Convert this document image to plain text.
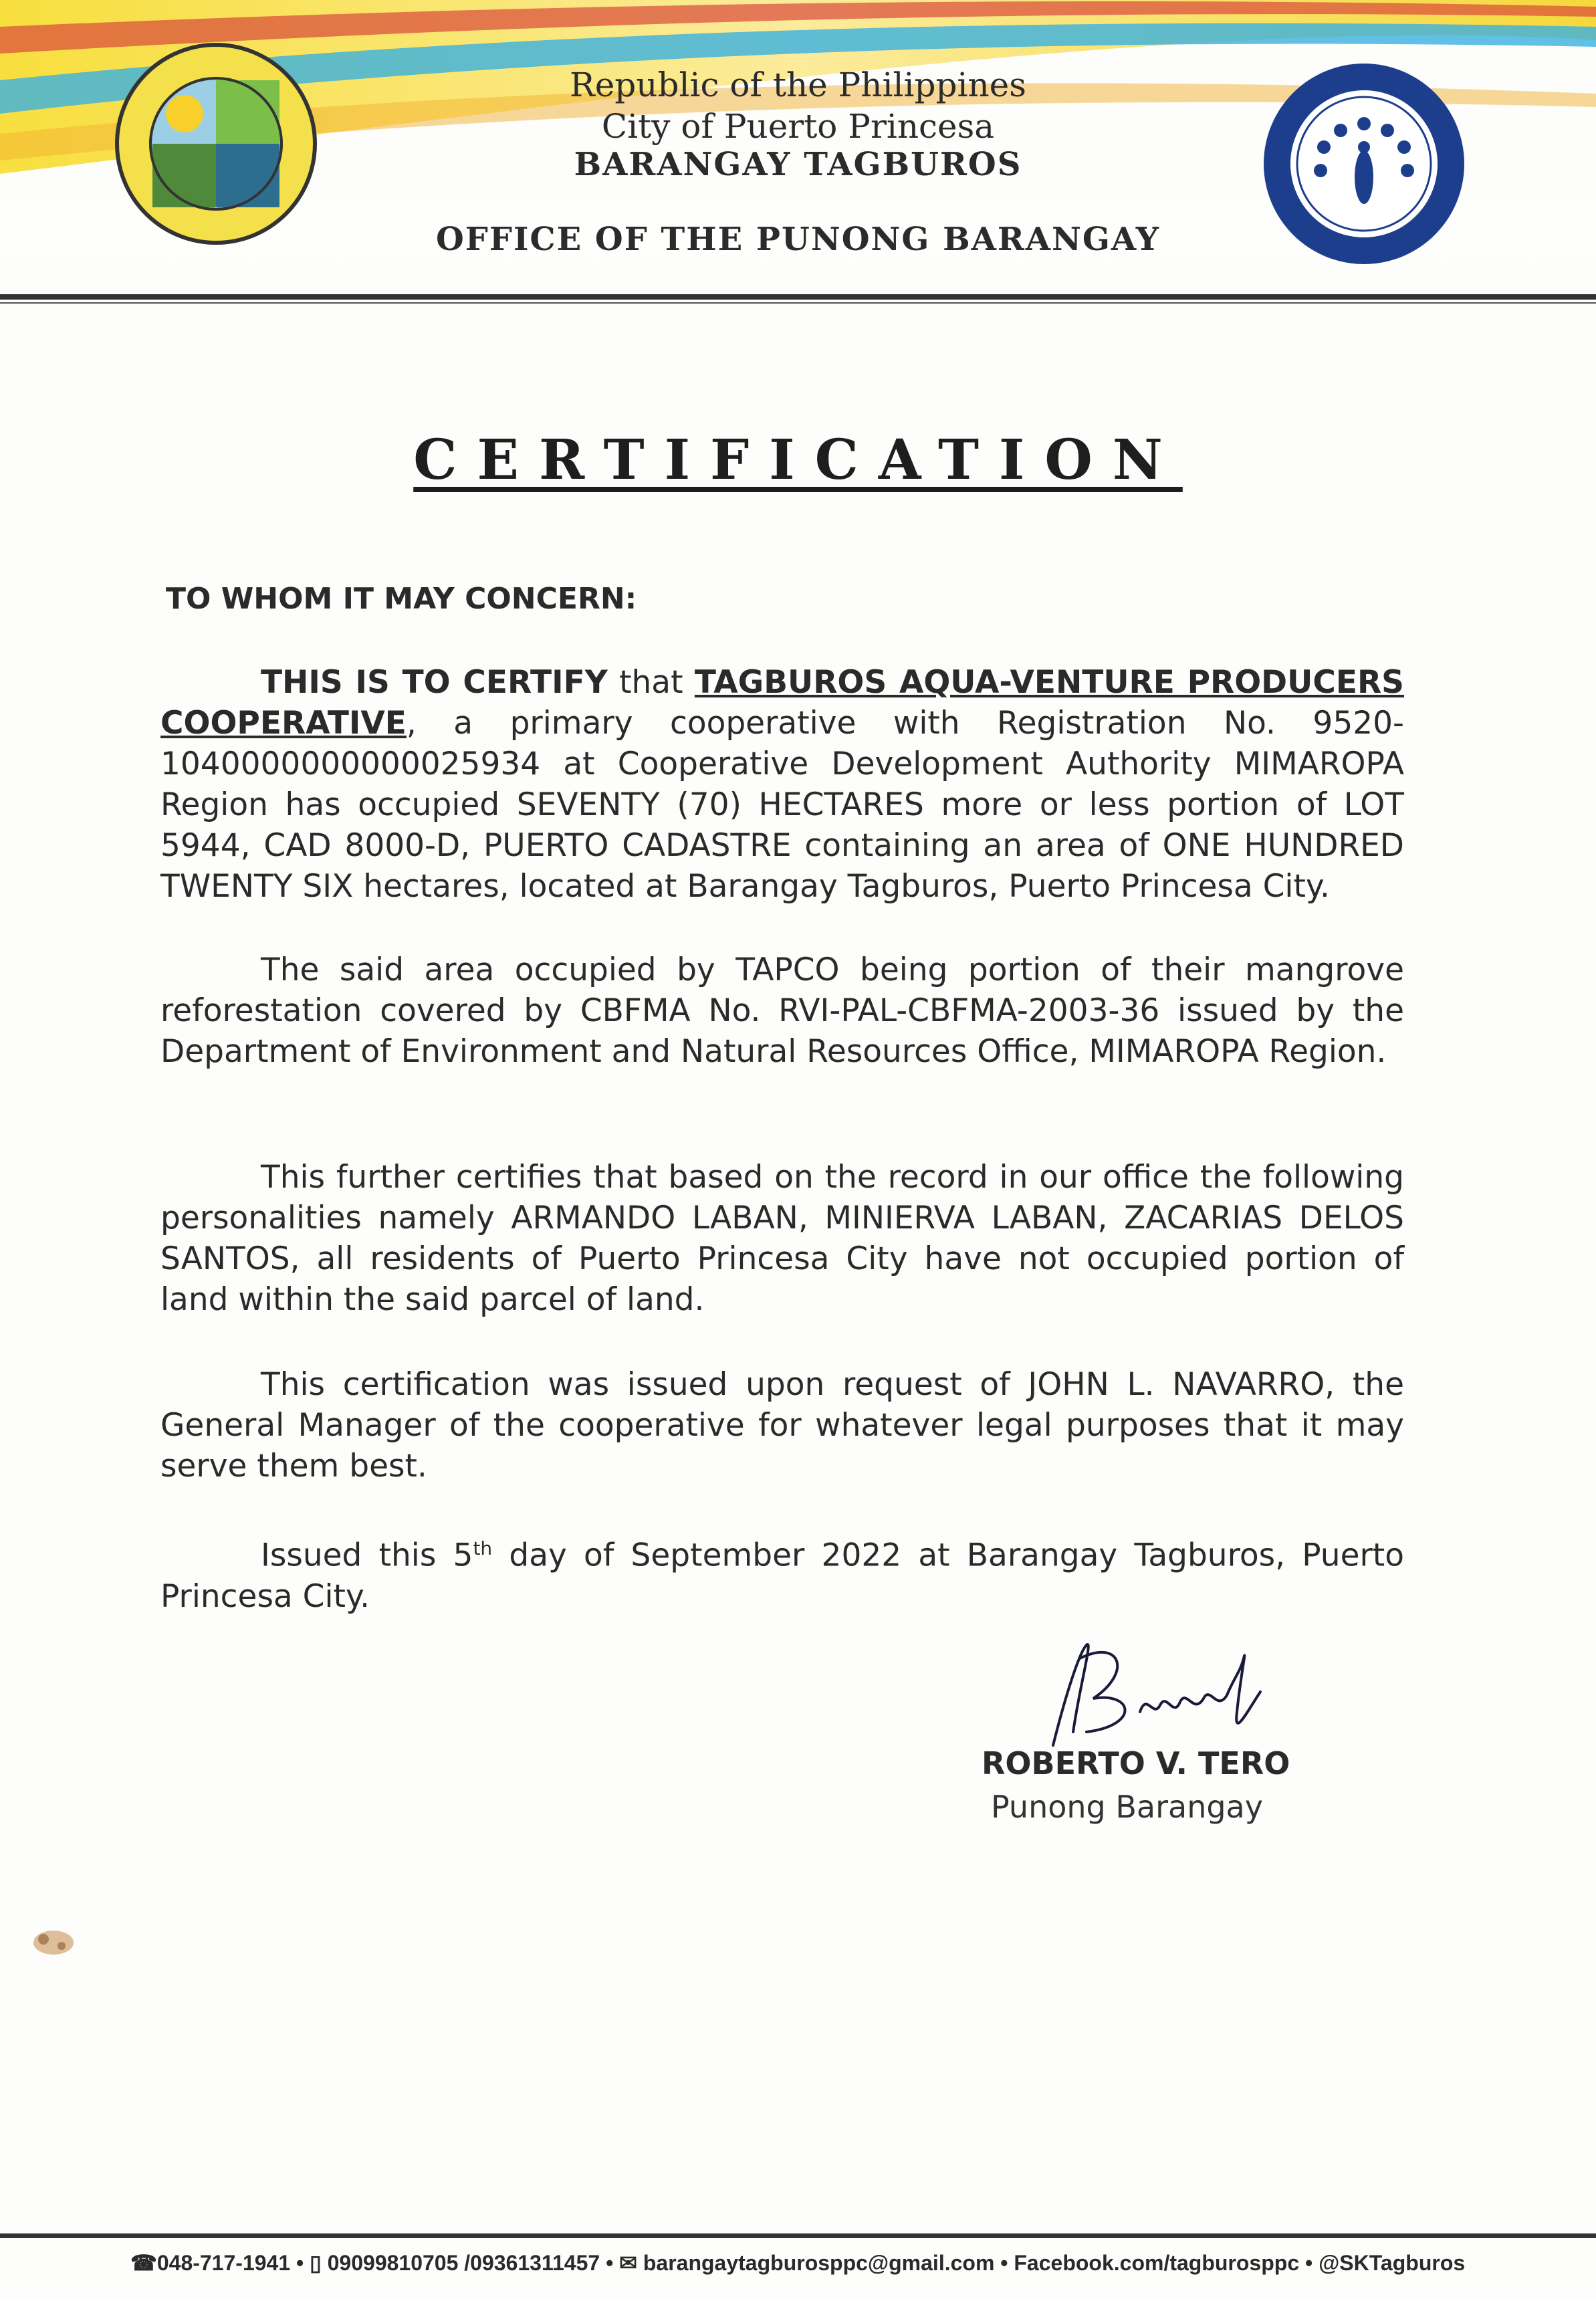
Republic of the Philippines
City of Puerto Princesa
BARANGAY TAGBUROS
OFFICE OF THE PUNONG BARANGAY
CERTIFICATION
TO WHOM IT MAY CONCERN:
THIS IS TO CERTIFY that TAGBUROS AQUA-VENTURE PRODUCERS COOPERATIVE, a primary cooperative with Registration No. 9520-1040000000000025934 at Cooperative Development Authority MIMAROPA Region has occupied SEVENTY (70) HECTARES more or less portion of LOT 5944, CAD 8000-D, PUERTO CADASTRE containing an area of ONE HUNDRED TWENTY SIX hectares, located at Barangay Tagburos, Puerto Princesa City.
The said area occupied by TAPCO being portion of their mangrove reforestation covered by CBFMA No. RVI-PAL-CBFMA-2003-36 issued by the Department of Environment and Natural Resources Office, MIMAROPA Region.
This further certifies that based on the record in our office the following personalities namely ARMANDO LABAN, MINIERVA LABAN, ZACARIAS DELOS SANTOS, all residents of Puerto Princesa City have not occupied portion of land within the said parcel of land.
This certification was issued upon request of JOHN L. NAVARRO, the General Manager of the cooperative for whatever legal purposes that it may serve them best.
Issued this 5th day of September 2022 at Barangay Tagburos, Puerto Princesa City.
ROBERTO V. TERO
Punong Barangay
☎048-717-1941 • ▯ 09099810705 /09361311457 • ✉ barangaytagburosppc@gmail.com • Facebook.com/tagburosppc • @SKTagburos
